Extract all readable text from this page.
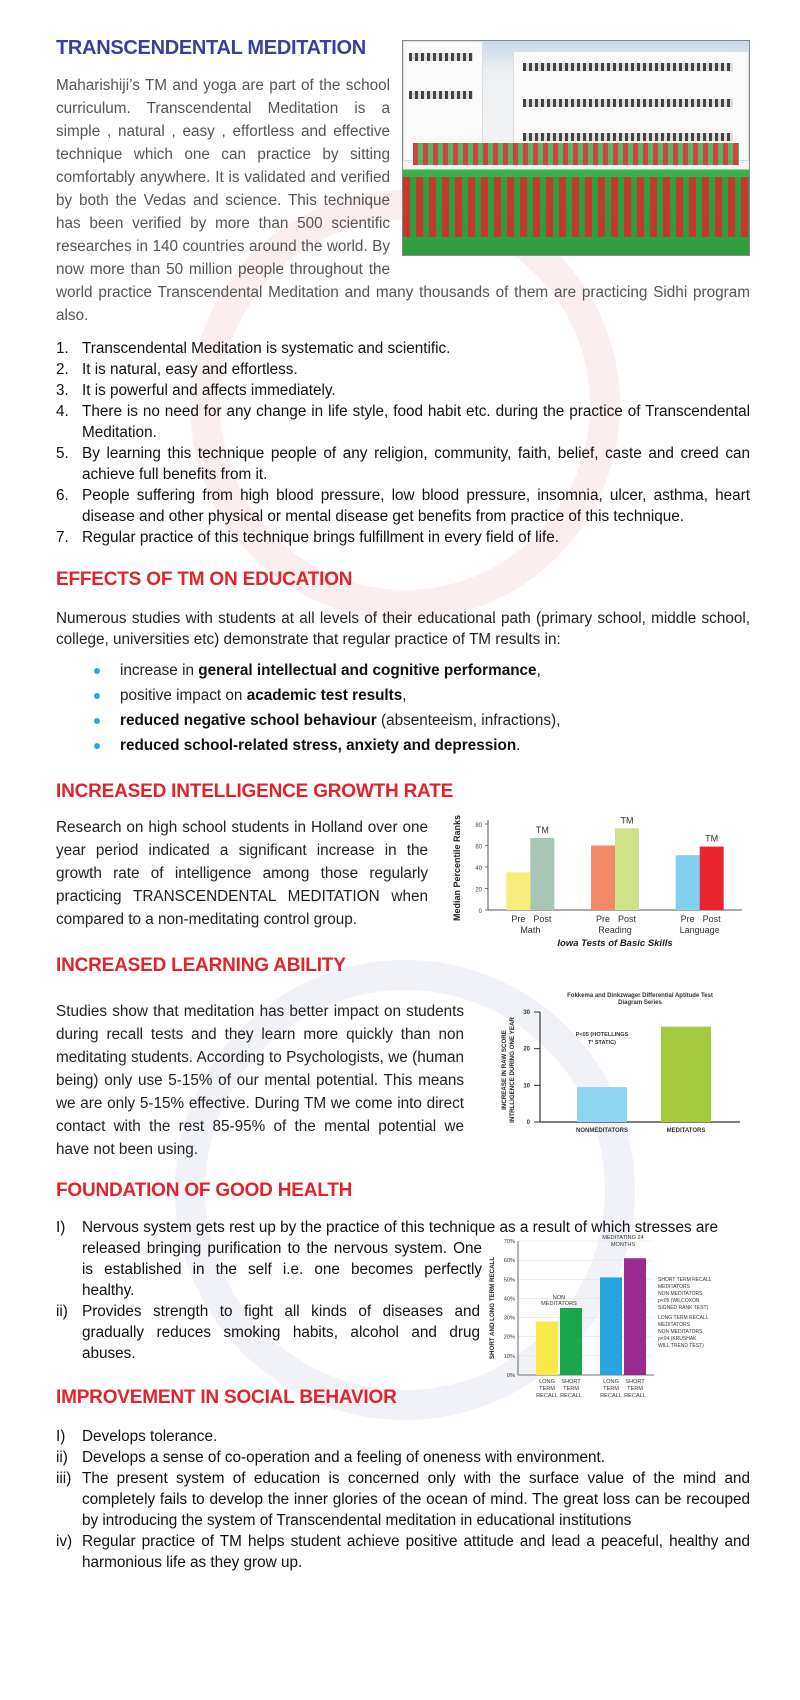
TRANSCENDENTAL MEDITATION

Maharishiji’s TM and yoga are part of the school curriculum. Transcendental Meditation is a simple , natural , easy , effortless and effective technique which one can practice by sitting comfortably anywhere. It is validated and verified by both the Vedas and science. This technique has been verified by more than 500 scientific researches in 140 countries around the world. By now more than 50 million people throughout the world practice Transcendental Meditation and many thousands of them are practicing Sidhi program also.

1. Transcendental Meditation is systematic and scientific.
2. It is natural, easy and effortless.
3. It is powerful and affects immediately.
4. There is no need for any change in life style, food habit etc. during the practice of Transcendental Meditation.
5. By learning this technique people of any religion, community, faith, belief, caste and creed can achieve full benefits from it.
6. People suffering from high blood pressure, low blood pressure, insomnia, ulcer, asthma, heart disease and other physical or mental disease get benefits from practice of this technique.
7. Regular practice of this technique brings fulfillment in every field of life.
EFFECTS OF TM ON EDUCATION

Numerous studies with students at all levels of their educational path (primary school, middle school, college, universities etc) demonstrate that regular practice of TM results in:

increase in general intellectual and cognitive performance,
positive impact on academic test results,
reduced negative school behaviour (absenteeism, infractions),
reduced school-related stress, anxiety and depression.
INCREASED INTELLIGENCE GROWTH RATE

Research on high school students in Holland over one year period indicated a significant increase in the growth rate of intelligence among those regularly practicing TRANSCENDENTAL MEDITATION when compared to a non-meditating control group.	Median Percentile Ranks	0
20
40
60
80
Pre Post
TM
Math
Pre Post
TM
Reading
Pre Post
TM
Language
Iowa Tests of Basic Skills
INCREASED LEARNING ABILITY

Studies show that meditation has better impact on students during recall tests and they learn more quickly than non meditating students. According to Psychologists, we (human being) only use 5-15% of our mental potential. This means we are only 5-15% effective. During TM we come into direct contact with the rest 85-95% of the mental potential we have not been using.

Fokkema and Dinkzwager Differential Aptitude Test
Diagram Series
INCREASE IN RAW SCORE INTRLLIGENCE DURING ONE YEAR
0
10
20
30
P<05 (HOTELLINGS
T² STATIC)
NONMEDITATORS	MEDITATORS
FOUNDATION OF GOOD HEALTH
SHORT AND LONG TERM RECALL
0%
10%
20%
30%
40%
50%
60%
70%
LONG
TERM
RECALL
SHORT
TERM
RECALL
LONG
TERM
RECALL
SHORT
TERM
RECALL
NON
MEDITATORS
MEDITATING 24
MONTHS
SHORT TERM RECALL
MEDITATORS
NON MEDITATORS
p<05 (WILCOXON
SIGNED RANK TEST)
LONG TERM RECALL
MEDITATORS
NON MEDITATORS
p<04 (KRUSHAK
WILL TREND TEST)
I) Nervous system gets rest up by the practice of this technique as a result of which stresses are
released bringing purification to the nervous system. One is established in the self i.e. one becomes perfectly healthy.
ii) Provides strength to fight all kinds of diseases and gradually reduces smoking habits, alcohol and drug abuses.
IMPROVEMENT IN SOCIAL BEHAVIOR
I) Develops tolerance.
ii) Develops a sense of co-operation and a feeling of oneness with environment.
iii) The present system of education is concerned only with the surface value of the mind and completely fails to develop the inner glories of the ocean of mind. The great loss can be recouped by introducing the system of Transcendental meditation in educational institutions
iv) Regular practice of TM helps student achieve positive attitude and lead a peaceful, healthy and harmonious life as they grow up.
